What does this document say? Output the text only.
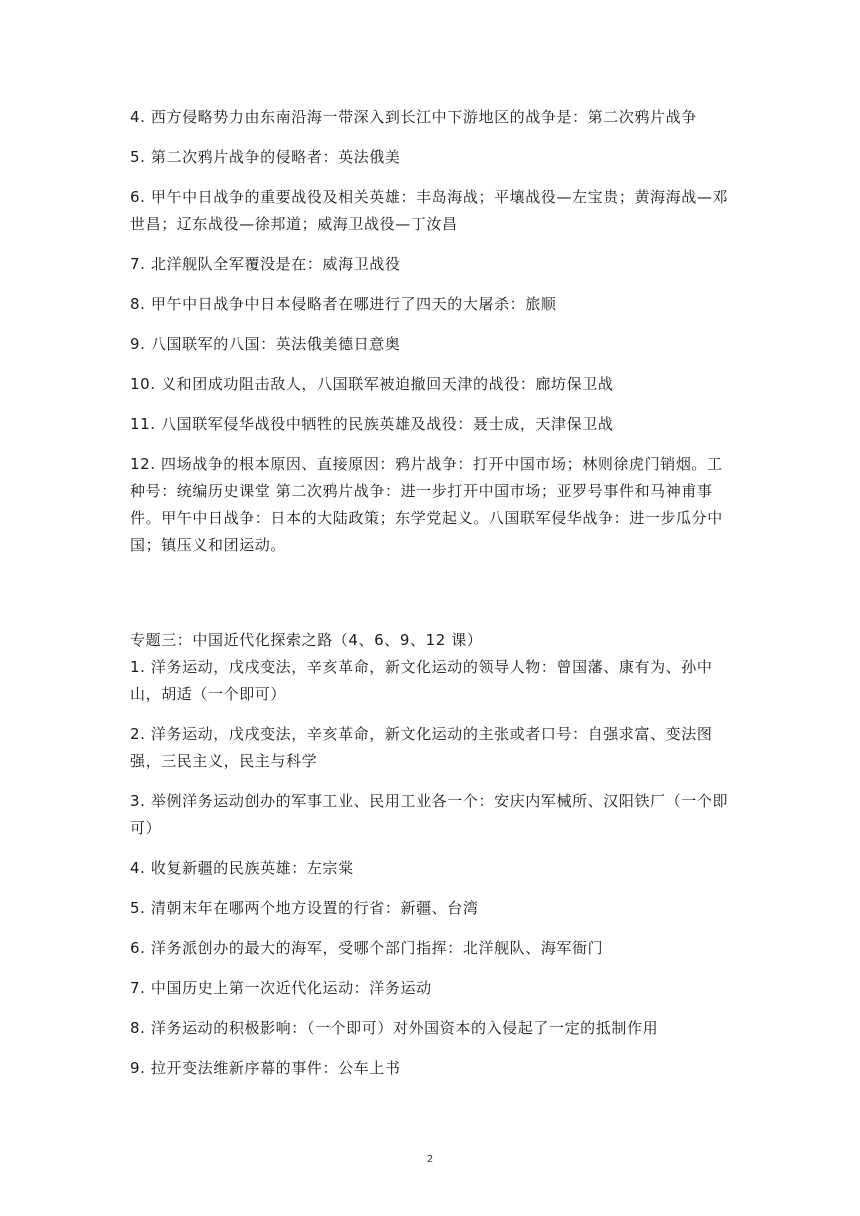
4. 西方侵略势力由东南沿海一带深入到长江中下游地区的战争是：第二次鸦片战争

5. 第二次鸦片战争的侵略者：英法俄美

6. 甲午中日战争的重要战役及相关英雄：丰岛海战；平壤战役—左宝贵；黄海海战—邓世昌；辽东战役—徐邦道；威海卫战役—丁汝昌

7. 北洋舰队全军覆没是在：威海卫战役

8. 甲午中日战争中日本侵略者在哪进行了四天的大屠杀：旅顺

9. 八国联军的八国：英法俄美德日意奥

10. 义和团成功阻击敌人，八国联军被迫撤回天津的战役：廊坊保卫战

11. 八国联军侵华战役中牺牲的民族英雄及战役：聂士成，天津保卫战

12. 四场战争的根本原因、直接原因：鸦片战争：打开中国市场；林则徐虎门销烟。工种号：统编历史课堂 第二次鸦片战争：进一步打开中国市场；亚罗号事件和马神甫事件。甲午中日战争：日本的大陆政策；东学党起义。八国联军侵华战争：进一步瓜分中国；镇压义和团运动。

专题三：中国近代化探索之路（4、6、9、12 课）

1. 洋务运动，戊戌变法，辛亥革命，新文化运动的领导人物：曾国藩、康有为、孙中山，胡适（一个即可）

2. 洋务运动，戊戌变法，辛亥革命，新文化运动的主张或者口号：自强求富、变法图强，三民主义，民主与科学

3. 举例洋务运动创办的军事工业、民用工业各一个：安庆内军械所、汉阳铁厂（一个即可）

4. 收复新疆的民族英雄：左宗棠

5. 清朝末年在哪两个地方设置的行省：新疆、台湾

6. 洋务派创办的最大的海军，受哪个部门指挥：北洋舰队、海军衙门

7. 中国历史上第一次近代化运动：洋务运动

8. 洋务运动的积极影响：（一个即可）对外国资本的入侵起了一定的抵制作用

9. 拉开变法维新序幕的事件：公车上书

2
